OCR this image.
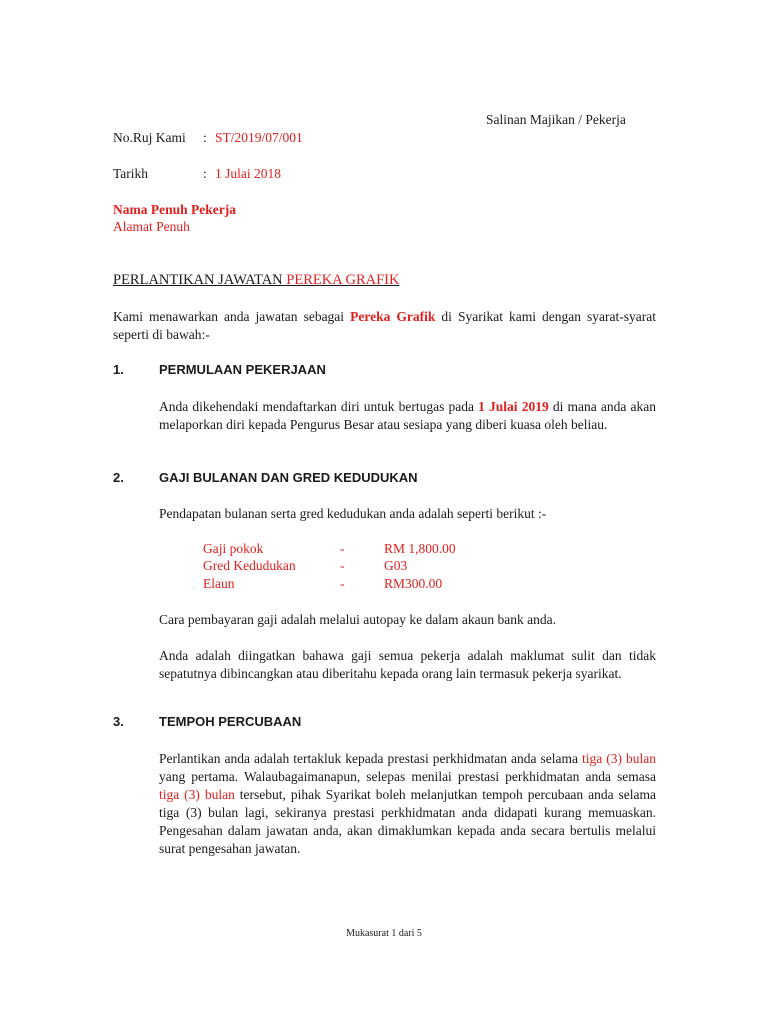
Salinan Majikan / Pekerja
No.Ruj Kami : ST/2019/07/001
Tarikh	: 1 Julai 2018
Nama Penuh Pekerja
Alamat Penuh
PERLANTIKAN JAWATAN PEREKA GRAFIK
Kami menawarkan anda jawatan sebagai Pereka Grafik di Syarikat kami dengan syarat-syarat seperti di bawah:-
1.	PERMULAAN PEKERJAAN
Anda dikehendaki mendaftarkan diri untuk bertugas pada 1 Julai 2019 di mana anda akan melaporkan diri kepada Pengurus Besar atau sesiapa yang diberi kuasa oleh beliau.
2.	GAJI BULANAN DAN GRED KEDUDUKAN
Pendapatan bulanan serta gred kedudukan anda adalah seperti berikut :-
Gaji pokok	-	RM 1,800.00
Gred Kedudukan	-	G03
Elaun	-	RM300.00
Cara pembayaran gaji adalah melalui autopay ke dalam akaun bank anda.
Anda adalah diingatkan bahawa gaji semua pekerja adalah maklumat sulit dan tidak sepatutnya dibincangkan atau diberitahu kepada orang lain termasuk pekerja syarikat.
3.	TEMPOH PERCUBAAN
Perlantikan anda adalah tertakluk kepada prestasi perkhidmatan anda selama tiga (3) bulan yang pertama. Walaubagaimanapun, selepas menilai prestasi perkhidmatan anda semasa tiga (3) bulan tersebut, pihak Syarikat boleh melanjutkan tempoh percubaan anda selama tiga (3) bulan lagi, sekiranya prestasi perkhidmatan anda didapati kurang memuaskan. Pengesahan dalam jawatan anda, akan dimaklumkan kepada anda secara bertulis melalui surat pengesahan jawatan.
Mukasurat 1 dari 5
